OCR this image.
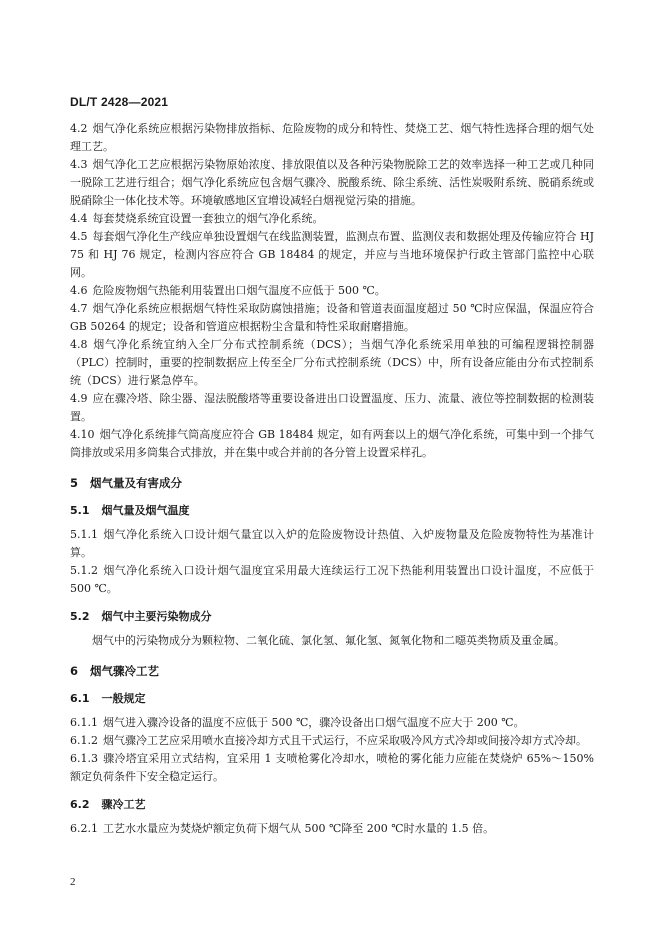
DL/T 2428—2021

4.2 烟气净化系统应根据污染物排放指标、危险废物的成分和特性、焚烧工艺、烟气特性选择合理的烟气处理工艺。

4.3 烟气净化工艺应根据污染物原始浓度、排放限值以及各种污染物脱除工艺的效率选择一种工艺或几种同一脱除工艺进行组合；烟气净化系统应包含烟气骤冷、脱酸系统、除尘系统、活性炭吸附系统、脱硝系统或脱硝除尘一体化技术等。环境敏感地区宜增设减轻白烟视觉污染的措施。

4.4 每套焚烧系统宜设置一套独立的烟气净化系统。

4.5 每套烟气净化生产线应单独设置烟气在线监测装置，监测点布置、监测仪表和数据处理及传输应符合 HJ 75 和 HJ 76 规定，检测内容应符合 GB 18484 的规定，并应与当地环境保护行政主管部门监控中心联网。

4.6 危险废物烟气热能利用装置出口烟气温度不应低于 500 ℃。

4.7 烟气净化系统应根据烟气特性采取防腐蚀措施；设备和管道表面温度超过 50 ℃时应保温，保温应符合 GB 50264 的规定；设备和管道应根据粉尘含量和特性采取耐磨措施。

4.8 烟气净化系统宜纳入全厂分布式控制系统（DCS）；当烟气净化系统采用单独的可编程逻辑控制器（PLC）控制时，重要的控制数据应上传至全厂分布式控制系统（DCS）中，所有设备应能由分布式控制系统（DCS）进行紧急停车。

4.9 应在骤冷塔、除尘器、湿法脱酸塔等重要设备进出口设置温度、压力、流量、液位等控制数据的检测装置。

4.10 烟气净化系统排气筒高度应符合 GB 18484 规定，如有两套以上的烟气净化系统，可集中到一个排气筒排放或采用多筒集合式排放，并在集中或合并前的各分管上设置采样孔。

5 烟气量及有害成分
5.1 烟气量及烟气温度

5.1.1 烟气净化系统入口设计烟气量宜以入炉的危险废物设计热值、入炉废物量及危险废物特性为基准计算。

5.1.2 烟气净化系统入口设计烟气温度宜采用最大连续运行工况下热能利用装置出口设计温度，不应低于 500 ℃。

5.2 烟气中主要污染物成分

烟气中的污染物成分为颗粒物、二氧化硫、氯化氢、氟化氢、氮氧化物和二噁英类物质及重金属。

6 烟气骤冷工艺
6.1 一般规定

6.1.1 烟气进入骤冷设备的温度不应低于 500 ℃，骤冷设备出口烟气温度不应大于 200 ℃。

6.1.2 烟气骤冷工艺应采用喷水直接冷却方式且干式运行，不应采取吸冷风方式冷却或间接冷却方式冷却。

6.1.3 骤冷塔宜采用立式结构，宜采用 1 支喷枪雾化冷却水，喷枪的雾化能力应能在焚烧炉 65%～150%额定负荷条件下安全稳定运行。

6.2 骤冷工艺

6.2.1 工艺水水量应为焚烧炉额定负荷下烟气从 500 ℃降至 200 ℃时水量的 1.5 倍。

2
